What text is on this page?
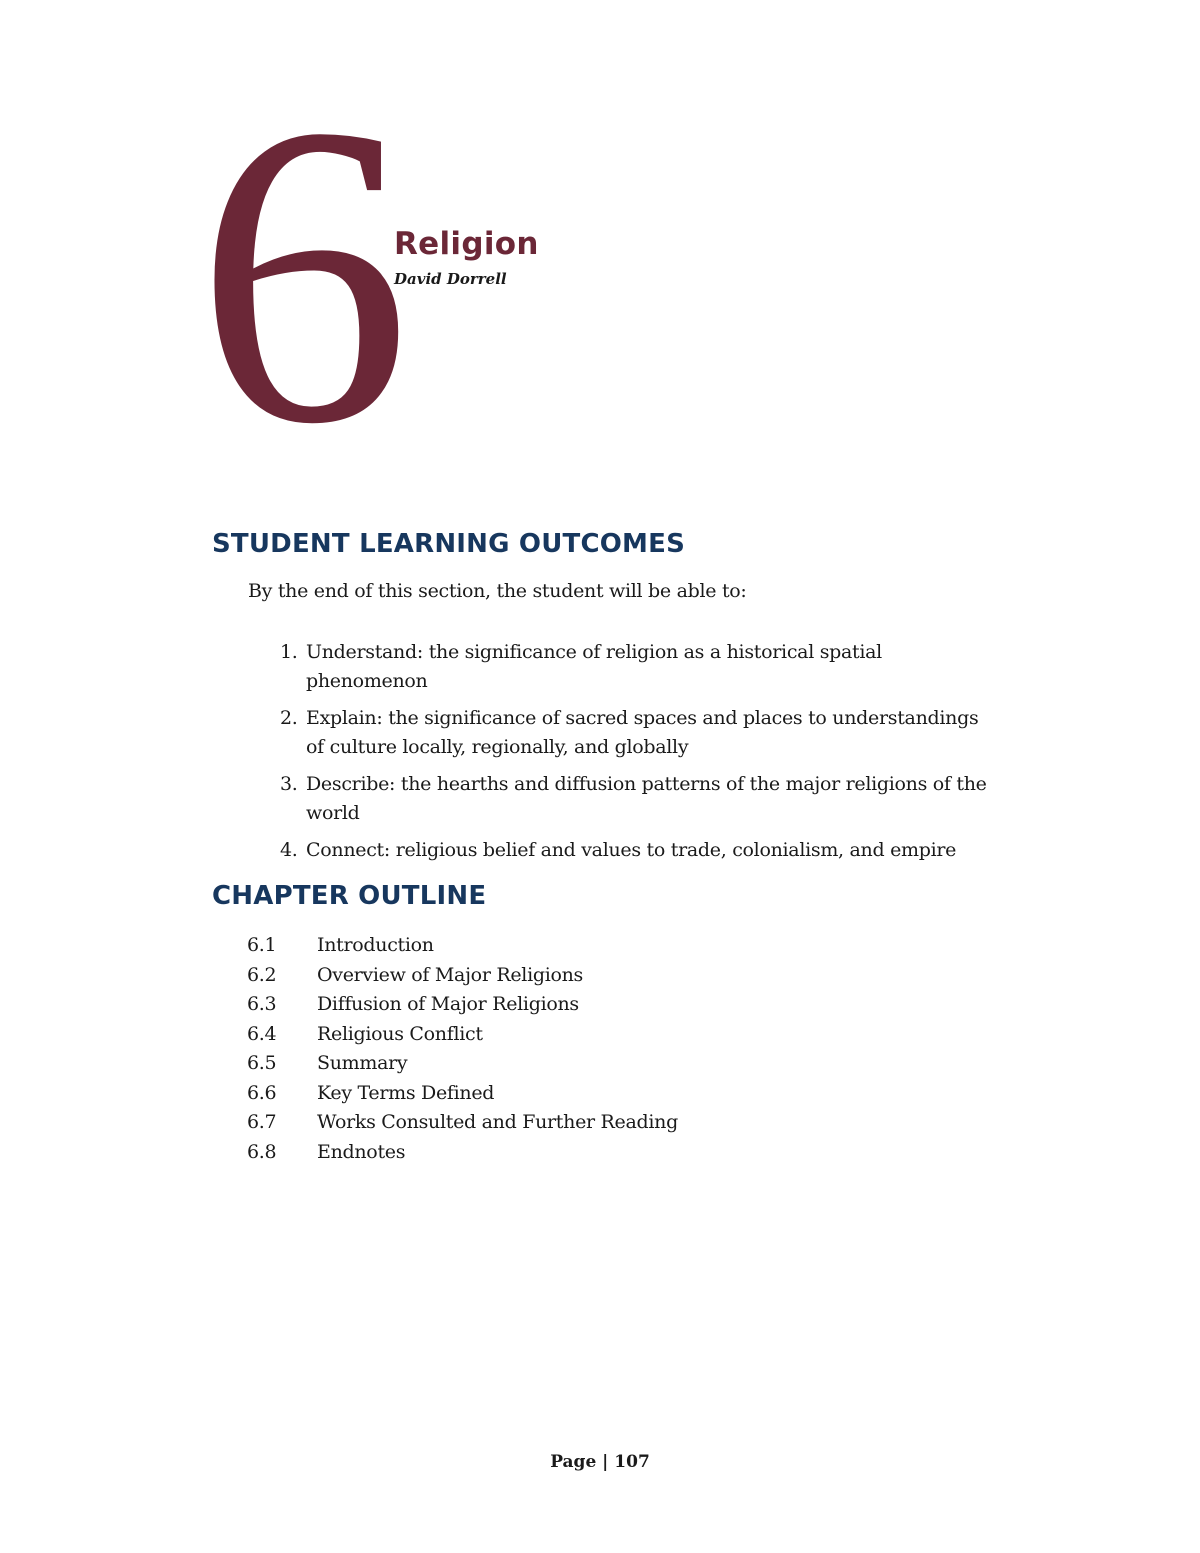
6
Religion
David Dorrell
STUDENT LEARNING OUTCOMES
By the end of this section, the student will be able to:
1. Understand: the significance of religion as a historical spatial phenomenon
2. Explain: the significance of sacred spaces and places to understandings of culture locally, regionally, and globally
3. Describe: the hearths and diffusion patterns of the major religions of the world
4. Connect: religious belief and values to trade, colonialism, and empire
CHAPTER OUTLINE
6.1	Introduction
6.2	Overview of Major Religions
6.3	Diffusion of Major Religions
6.4	Religious Conflict
6.5	Summary
6.6	Key Terms Defined
6.7	Works Consulted and Further Reading
6.8	Endnotes
Page | 107
